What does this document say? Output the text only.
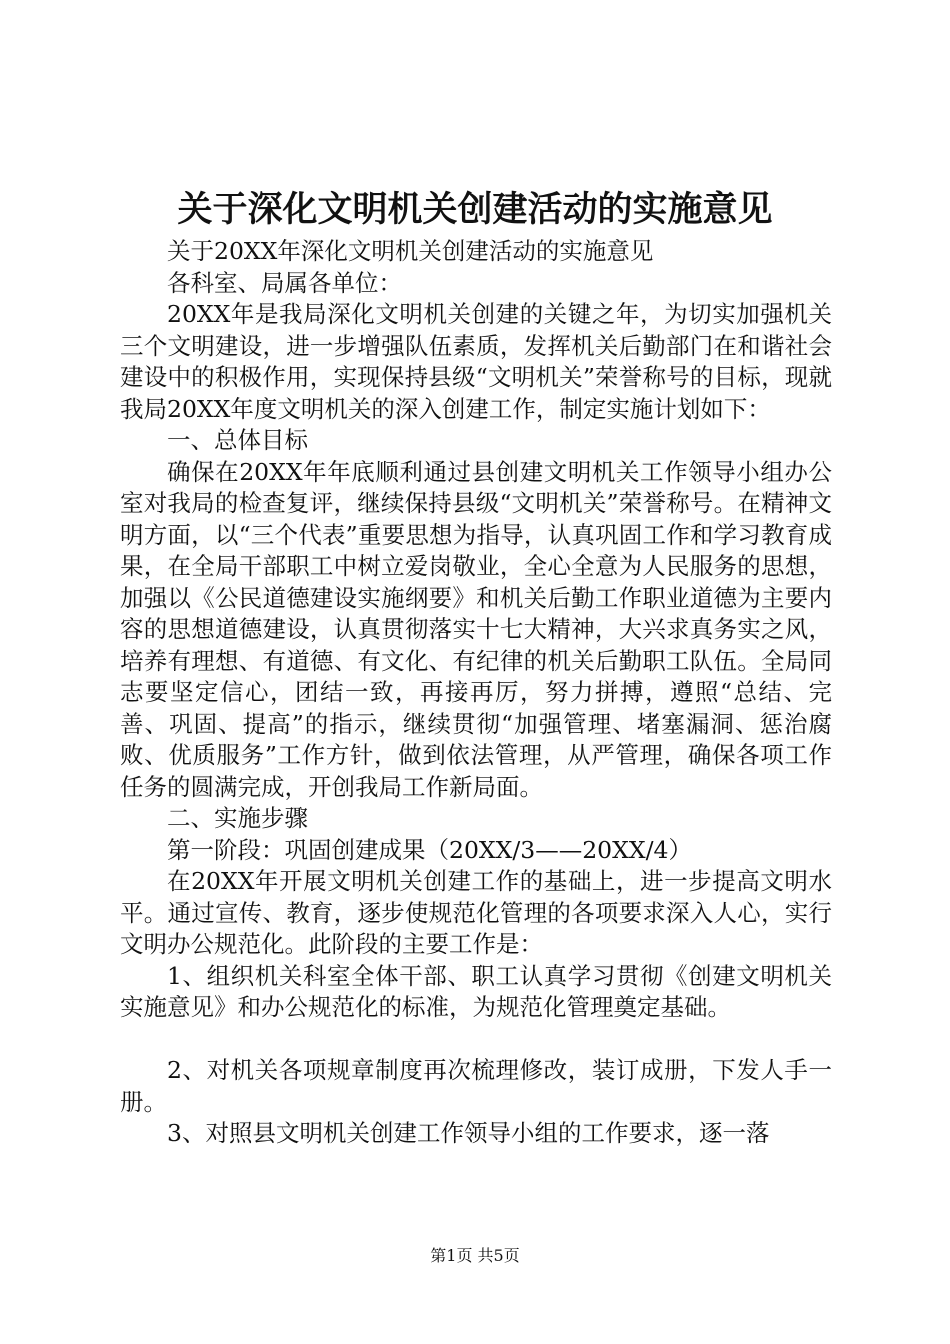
关于深化文明机关创建活动的实施意见

关于20XX年深化文明机关创建活动的实施意见

各科室、局属各单位：

20XX年是我局深化文明机关创建的关键之年，为切实加强机关三个文明建设，进一步增强队伍素质，发挥机关后勤部门在和谐社会建设中的积极作用，实现保持县级“文明机关”荣誉称号的目标，现就我局20XX年度文明机关的深入创建工作，制定实施计划如下：

一、总体目标

确保在20XX年年底顺利通过县创建文明机关工作领导小组办公室对我局的检查复评，继续保持县级“文明机关”荣誉称号。在精神文明方面，以“三个代表”重要思想为指导，认真巩固工作和学习教育成果，在全局干部职工中树立爱岗敬业，全心全意为人民服务的思想，加强以《公民道德建设实施纲要》和机关后勤工作职业道德为主要内容的思想道德建设，认真贯彻落实十七大精神，大兴求真务实之风，培养有理想、有道德、有文化、有纪律的机关后勤职工队伍。全局同志要坚定信心，团结一致，再接再厉，努力拼搏，遵照“总结、完善、巩固、提高”的指示，继续贯彻“加强管理、堵塞漏洞、惩治腐败、优质服务”工作方针，做到依法管理，从严管理，确保各项工作任务的圆满完成，开创我局工作新局面。

二、实施步骤

第一阶段：巩固创建成果（20XX/3——20XX/4）

在20XX年开展文明机关创建工作的基础上，进一步提高文明水平。通过宣传、教育，逐步使规范化管理的各项要求深入人心，实行文明办公规范化。此阶段的主要工作是：

1、组织机关科室全体干部、职工认真学习贯彻《创建文明机关实施意见》和办公规范化的标准，为规范化管理奠定基础。

2、对机关各项规章制度再次梳理修改，装订成册，下发人手一册。

3、对照县文明机关创建工作领导小组的工作要求，逐一落

第1页 共5页
